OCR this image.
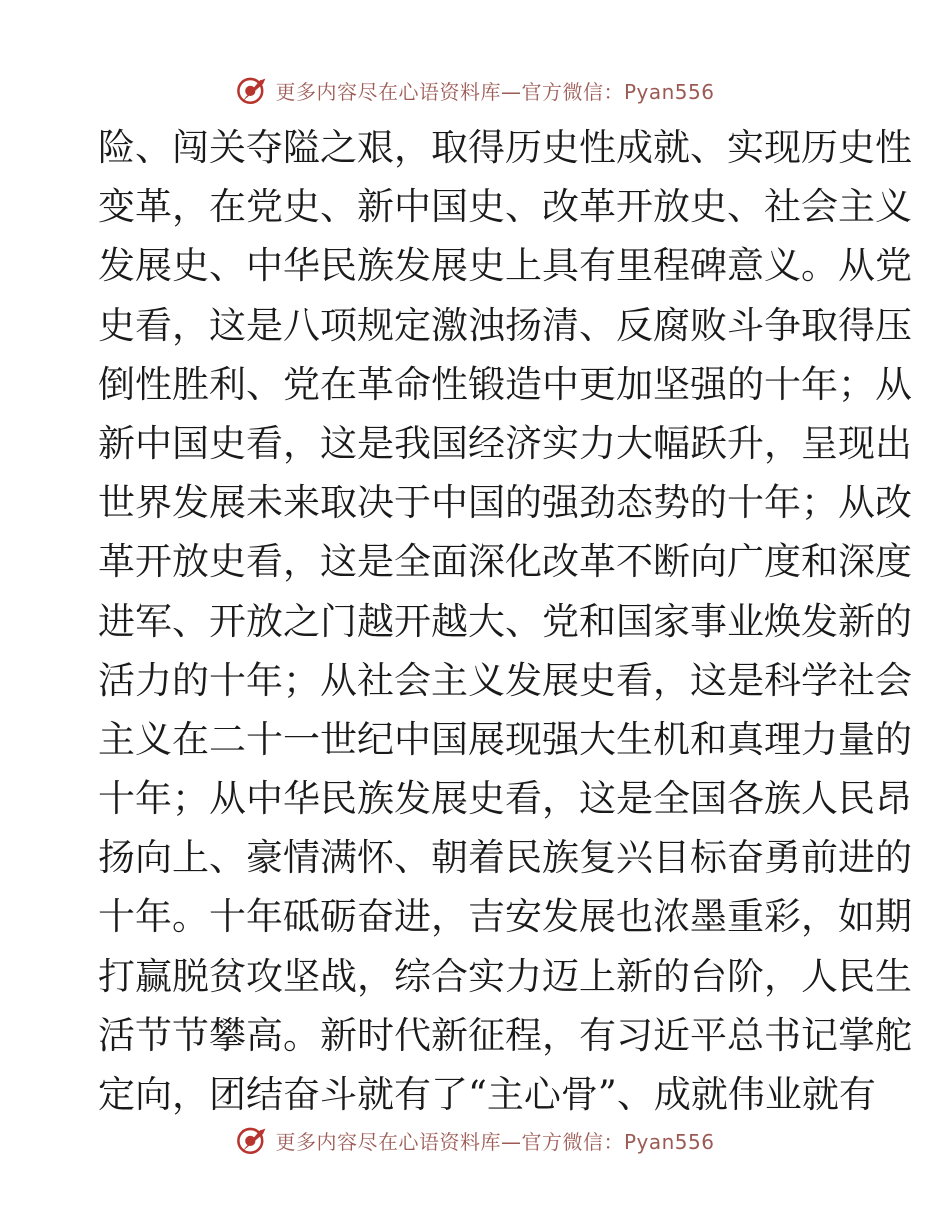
更多内容尽在心语资料库—官方微信：Pyan556
险、闯关夺隘之艰，取得历史性成就、实现历史性
变革，在党史、新中国史、改革开放史、社会主义
发展史、中华民族发展史上具有里程碑意义。从党
史看，这是八项规定激浊扬清、反腐败斗争取得压
倒性胜利、党在革命性锻造中更加坚强的十年；从
新中国史看，这是我国经济实力大幅跃升，呈现出
世界发展未来取决于中国的强劲态势的十年；从改
革开放史看，这是全面深化改革不断向广度和深度
进军、开放之门越开越大、党和国家事业焕发新的
活力的十年；从社会主义发展史看，这是科学社会
主义在二十一世纪中国展现强大生机和真理力量的
十年；从中华民族发展史看，这是全国各族人民昂
扬向上、豪情满怀、朝着民族复兴目标奋勇前进的
十年。十年砥砺奋进，吉安发展也浓墨重彩，如期
打赢脱贫攻坚战，综合实力迈上新的台阶，人民生
活节节攀高。新时代新征程，有习近平总书记掌舵
定向，团结奋斗就有了“主心骨”、成就伟业就有
更多内容尽在心语资料库—官方微信：Pyan556
